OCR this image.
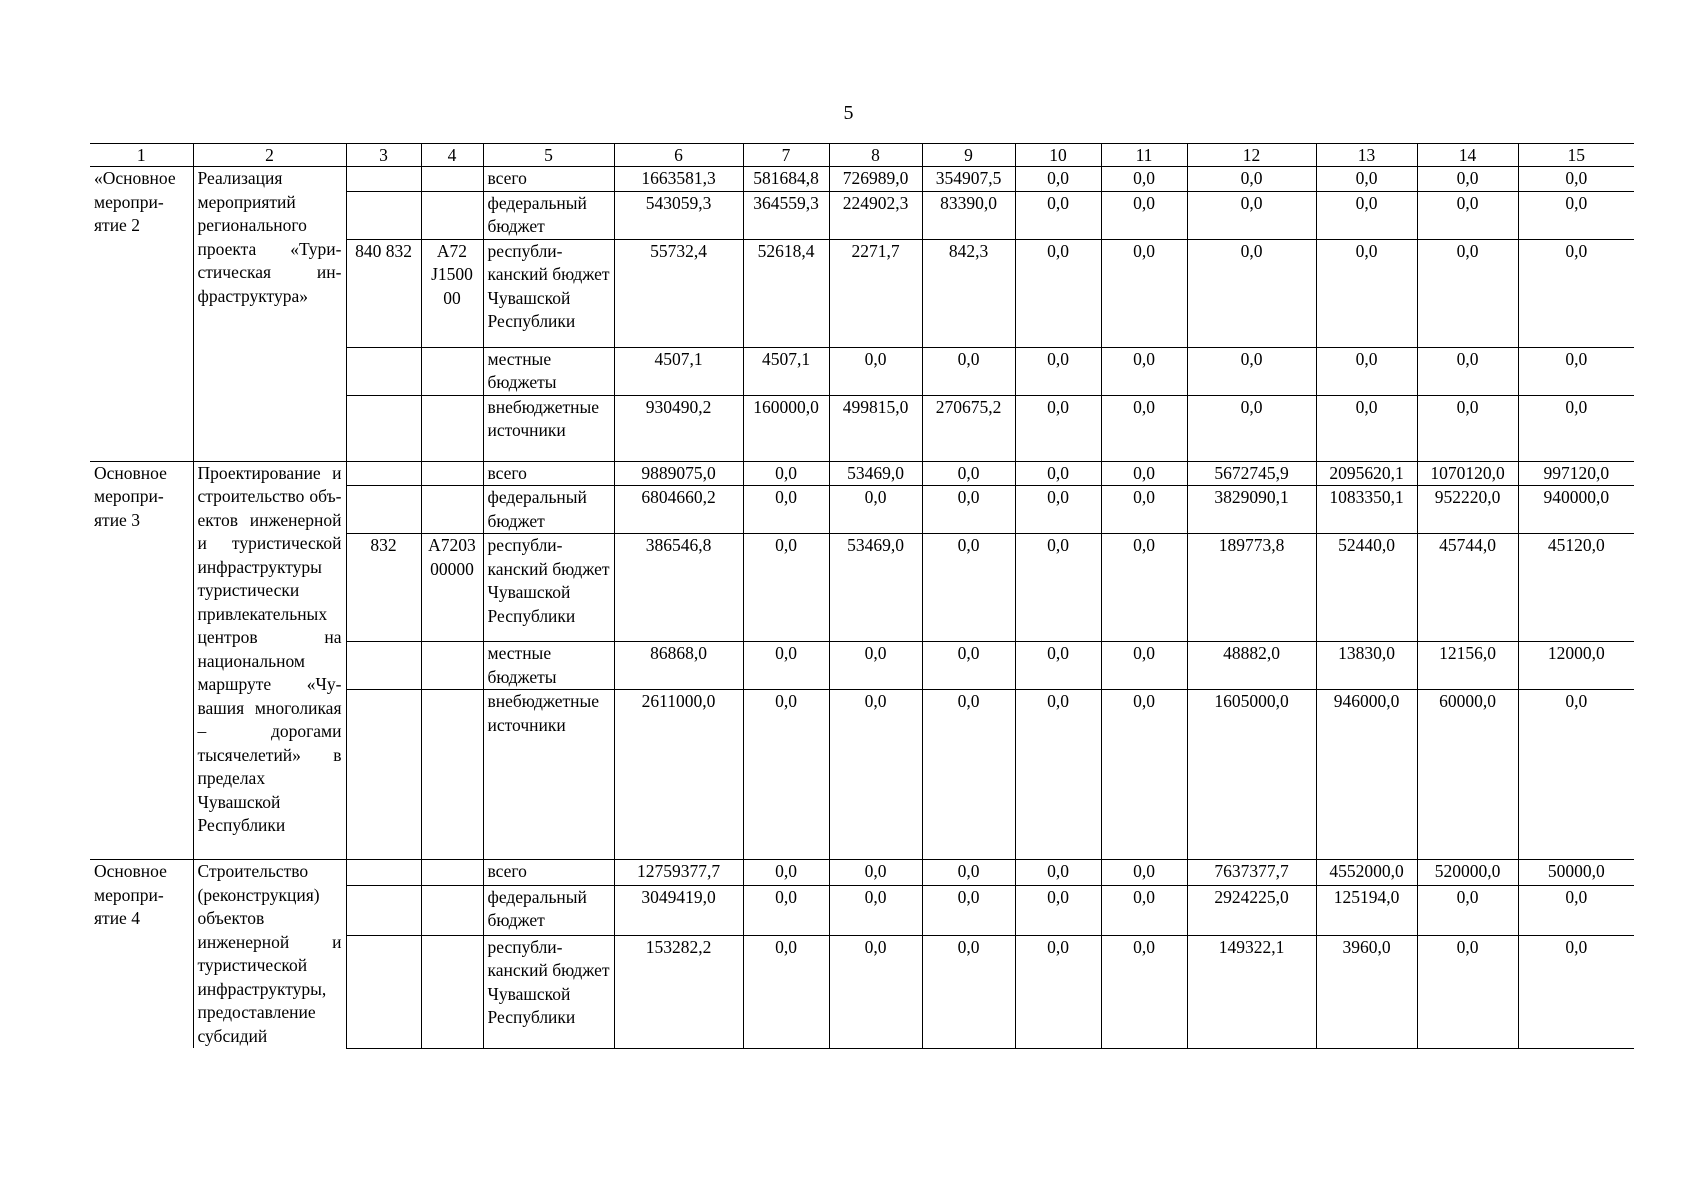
5
1	2	3	4	5	6	7	8	9	10	11	12	13	14	15
«Основное мероприятие 2	Реализация мероприятий регионального проекта «Туристическая инфраструктура»			всего	1663581,3	581684,8	726989,0	354907,5	0,0	0,0	0,0	0,0	0,0	0,0
				федеральный бюджет	543059,3	364559,3	224902,3	83390,0	0,0	0,0	0,0	0,0	0,0	0,0
		840 832	А72 J1500 00	республиканский бюджет Чувашской Республики	55732,4	52618,4	2271,7	842,3	0,0	0,0	0,0	0,0	0,0	0,0
				местные бюджеты	4507,1	4507,1	0,0	0,0	0,0	0,0	0,0	0,0	0,0	0,0
				внебюджетные источники	930490,2	160000,0	499815,0	270675,2	0,0	0,0	0,0	0,0	0,0	0,0
Основное мероприятие 3	Проектирование и строительство объектов инженерной и туристической инфраструктуры туристически привлекательных центров на национальном маршруте «Чувашия многоликая – дорогами тысячелетий» в пределах Чувашской Республики			всего	9889075,0	0,0	53469,0	0,0	0,0	0,0	5672745,9	2095620,1	1070120,0	997120,0
				федеральный бюджет	6804660,2	0,0	0,0	0,0	0,0	0,0	3829090,1	1083350,1	952220,0	940000,0
		832	А7203 00000	республиканский бюджет Чувашской Республики	386546,8	0,0	53469,0	0,0	0,0	0,0	189773,8	52440,0	45744,0	45120,0
				местные бюджеты	86868,0	0,0	0,0	0,0	0,0	0,0	48882,0	13830,0	12156,0	12000,0
				внебюджетные источники	2611000,0	0,0	0,0	0,0	0,0	0,0	1605000,0	946000,0	60000,0	0,0
Основное мероприятие 4	Строительство (реконструкция) объектов инженерной и туристической инфраструктуры, предоставление субсидий			всего	12759377,7	0,0	0,0	0,0	0,0	0,0	7637377,7	4552000,0	520000,0	50000,0
				федеральный бюджет	3049419,0	0,0	0,0	0,0	0,0	0,0	2924225,0	125194,0	0,0	0,0
				республиканский бюджет Чувашской Республики	153282,2	0,0	0,0	0,0	0,0	0,0	149322,1	3960,0	0,0	0,0
